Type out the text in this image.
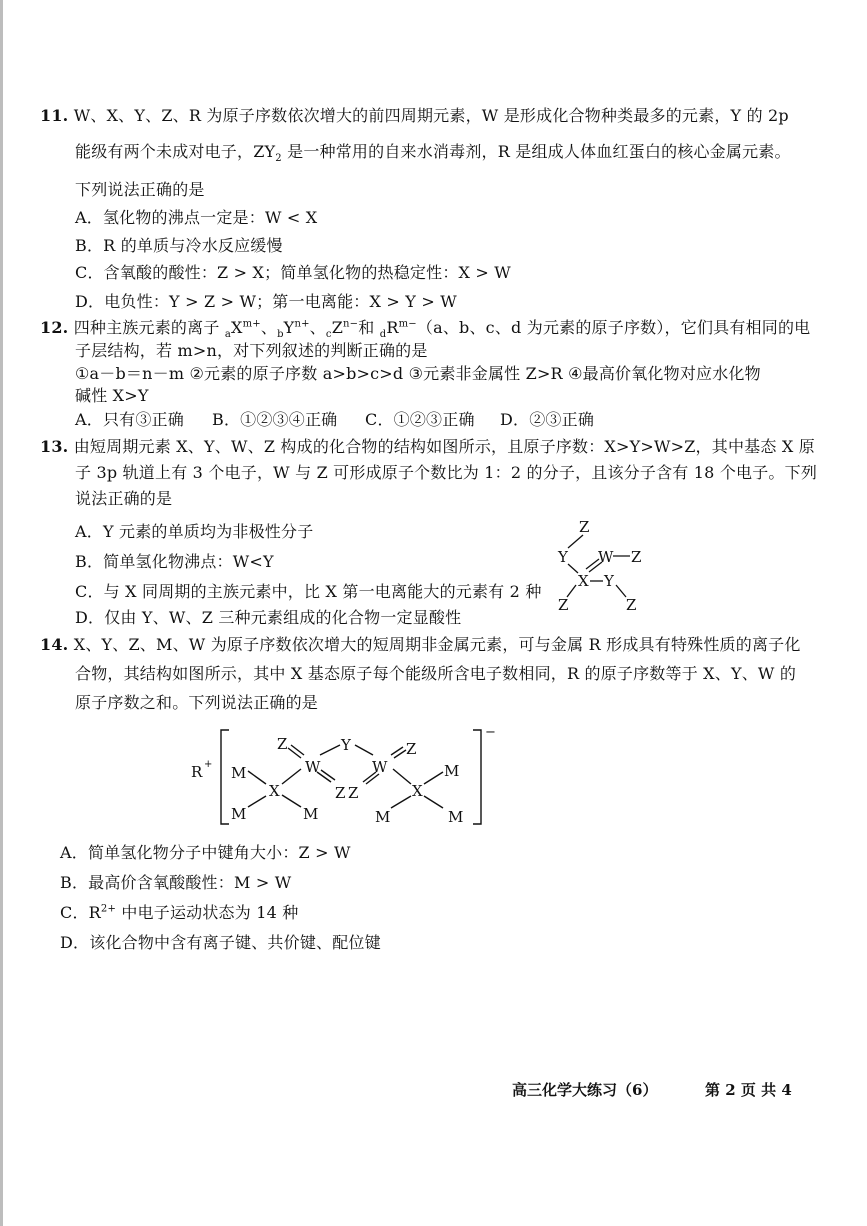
11. W、X、Y、Z、R 为原子序数依次增大的前四周期元素，W 是形成化合物种类最多的元素，Y 的 2p
能级有两个未成对电子，$ZY_2$ 是一种常用的自来水消毒剂，R 是组成人体血红蛋白的核心金属元素。
下列说法正确的是
A．氢化物的沸点一定是：W < X
B．R 的单质与冷水反应缓慢
C．含氧酸的酸性：Z > X；简单氢化物的热稳定性：X > W
D．电负性：Y > Z > W；第一电离能：X > Y > W
12. 四种主族元素的离子 $_aX^{m+}$、$_bY^{n+}$、$_cZ^{n-}$和 $_dR^{m-}(a$、b、c、d 为元素的原子序数），它们具有相同的电
子层结构，若 m>n，对下列叙述的判断正确的是
①a－b＝n－m ②元素的原子序数 a>b>c>d ③元素非金属性 Z>R ④最高价氧化物对应水化物
碱性 X>Y
A．只有③正确 B．①②③④正确 C．①②③正确 D．②③正确
13. 由短周期元素 X、Y、W、Z 构成的化合物的结构如图所示，且原子序数：X>Y>W>Z，其中基态 X 原
子 3p 轨道上有 3 个电子，W 与 Z 可形成原子个数比为 1：2 的分子，且该分子含有 18 个电子。下列
说法正确的是
A．Y 元素的单质均为非极性分子
B．简单氢化物沸点：W<Y
C．与 X 同周期的主族元素中，比 X 第一电离能大的元素有 2 种
D．仅由 Y、W、Z 三种元素组成的化合物一定显酸性
Z
Y W Z
X Y
Z	Z
14. X、Y、Z、M、W 为原子序数依次增大的短周期非金属元素，可与金属 R 形成具有特殊性质的离子化
合物，其结构如图所示，其中 X 基态原子每个能级所含电子数相同，R 的原子序数等于 X、Y、W 的
原子序数之和。下列说法正确的是
R + M
M
X
M
Z
W
Y
Z Z
W
Z
X
M
M	M
−
A．简单氢化物分子中键角大小：Z > W
B．最高价含氧酸酸性：M > W
C．$R^{2+}$ 中电子运动状态为 14 种
D．该化合物中含有离子键、共价键、配位键
高三化学大练习（6）	第 2 页 共 4
